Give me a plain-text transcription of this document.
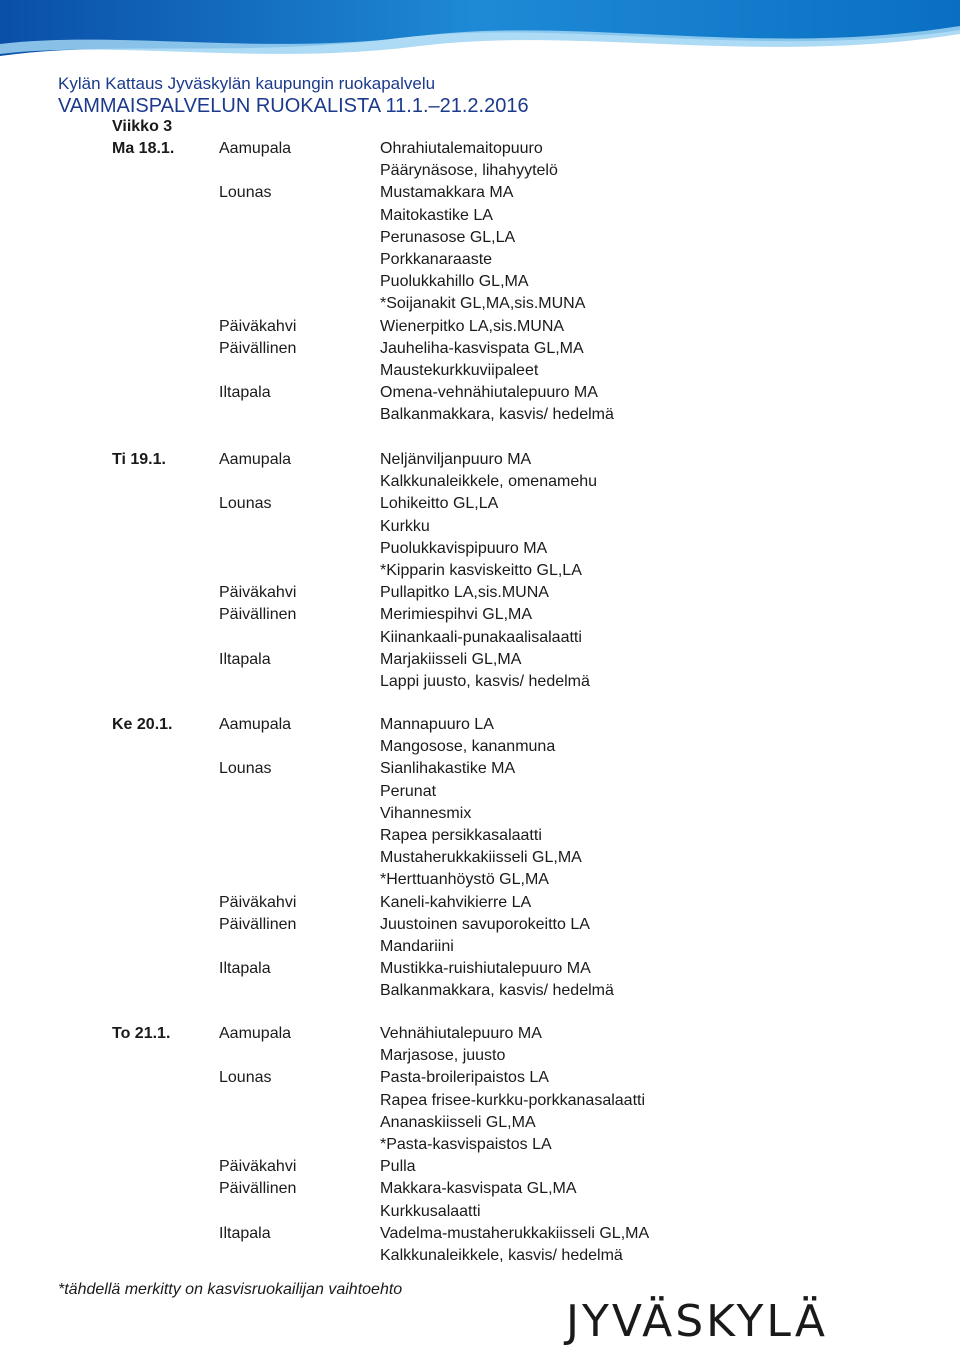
Kylän Kattaus Jyväskylän kaupungin ruokapalvelu
VAMMAISPALVELUN RUOKALISTA 11.1.–21.2.2016
Viikko 3
Ma 18.1.	Aamupala	Ohrahiutalemaitopuuro
Päärynäsose, lihahyytelö
Lounas	Mustamakkara MA
Maitokastike LA
Perunasose GL,LA
Porkkanaraaste
Puolukkahillo GL,MA
*Soijanakit GL,MA,sis.MUNA
Päiväkahvi	Wienerpitko LA,sis.MUNA
Päivällinen	Jauheliha-kasvispata GL,MA
Maustekurkkuviipaleet
Iltapala	Omena-vehnähiutalepuuro MA
Balkanmakkara, kasvis/ hedelmä
Ti 19.1.	Aamupala	Neljänviljanpuuro MA
Kalkkunaleikkele, omenamehu
Lounas	Lohikeitto GL,LA
Kurkku
Puolukkavispipuuro MA
*Kipparin kasviskeitto GL,LA
Päiväkahvi	Pullapitko LA,sis.MUNA
Päivällinen	Merimiespihvi GL,MA
Kiinankaali-punakaalisalaatti
Iltapala	Marjakiisseli GL,MA
Lappi juusto, kasvis/ hedelmä
Ke 20.1.	Aamupala	Mannapuuro LA
Mangosose, kananmuna
Lounas	Sianlihakastike MA
Perunat
Vihannesmix
Rapea persikkasalaatti
Mustaherukkakiisseli GL,MA
*Herttuanhöystö GL,MA
Päiväkahvi	Kaneli-kahvikierre LA
Päivällinen	Juustoinen savuporokeitto LA
Mandariini
Iltapala	Mustikka-ruishiutalepuuro MA
Balkanmakkara, kasvis/ hedelmä
To 21.1.	Aamupala	Vehnähiutalepuuro MA
Marjasose, juusto
Lounas	Pasta-broileripaistos LA
Rapea frisee-kurkku-porkkanasalaatti
Ananaskiisseli GL,MA
*Pasta-kasvispaistos LA
Päiväkahvi	Pulla
Päivällinen	Makkara-kasvispata GL,MA
Kurkkusalaatti
Iltapala	Vadelma-mustaherukkakiisseli GL,MA
Kalkkunaleikkele, kasvis/ hedelmä
*tähdellä merkitty on kasvisruokailijan vaihtoehto
JYVÄSKYLÄ
